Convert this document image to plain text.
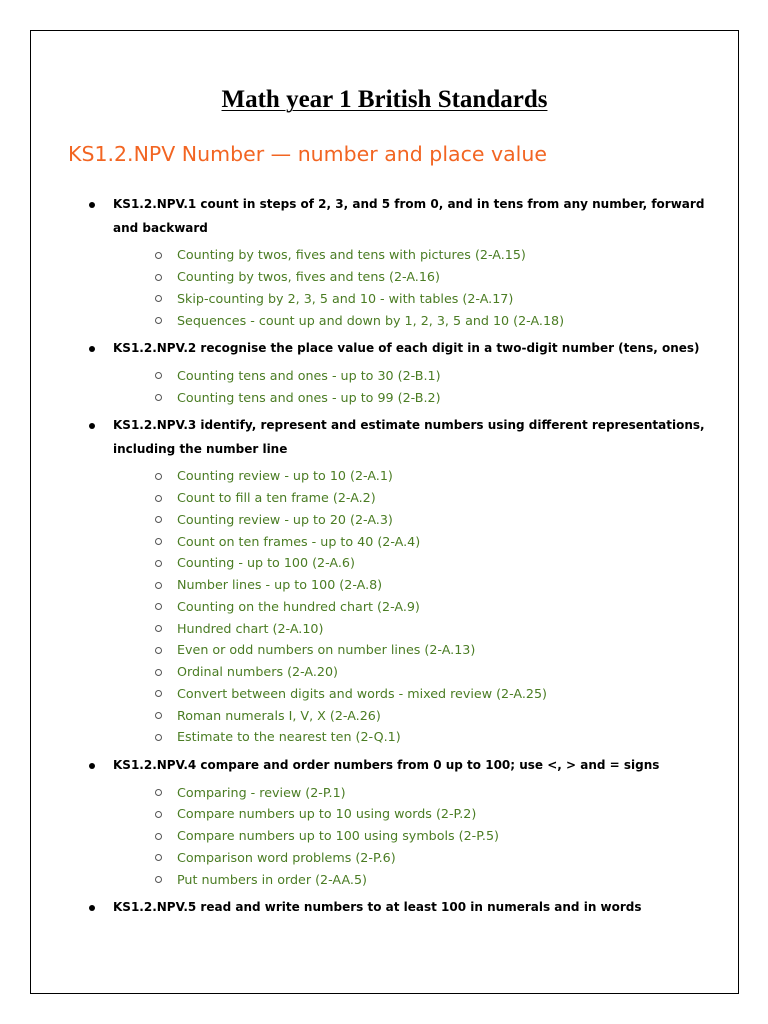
Math year 1 British Standards
KS1.2.NPV Number — number and place value
KS1.2.NPV.1 count in steps of 2, 3, and 5 from 0, and in tens from any number, forward and backward
Counting by twos, fives and tens with pictures (2-A.15)
Counting by twos, fives and tens (2-A.16)
Skip-counting by 2, 3, 5 and 10 - with tables (2-A.17)
Sequences - count up and down by 1, 2, 3, 5 and 10 (2-A.18)
KS1.2.NPV.2 recognise the place value of each digit in a two-digit number (tens, ones)
Counting tens and ones - up to 30 (2-B.1)
Counting tens and ones - up to 99 (2-B.2)
KS1.2.NPV.3 identify, represent and estimate numbers using different representations, including the number line
Counting review - up to 10 (2-A.1)
Count to fill a ten frame (2-A.2)
Counting review - up to 20 (2-A.3)
Count on ten frames - up to 40 (2-A.4)
Counting - up to 100 (2-A.6)
Number lines - up to 100 (2-A.8)
Counting on the hundred chart (2-A.9)
Hundred chart (2-A.10)
Even or odd numbers on number lines (2-A.13)
Ordinal numbers (2-A.20)
Convert between digits and words - mixed review (2-A.25)
Roman numerals I, V, X (2-A.26)
Estimate to the nearest ten (2-Q.1)
KS1.2.NPV.4 compare and order numbers from 0 up to 100; use <, > and = signs
Comparing - review (2-P.1)
Compare numbers up to 10 using words (2-P.2)
Compare numbers up to 100 using symbols (2-P.5)
Comparison word problems (2-P.6)
Put numbers in order (2-AA.5)
KS1.2.NPV.5 read and write numbers to at least 100 in numerals and in words
